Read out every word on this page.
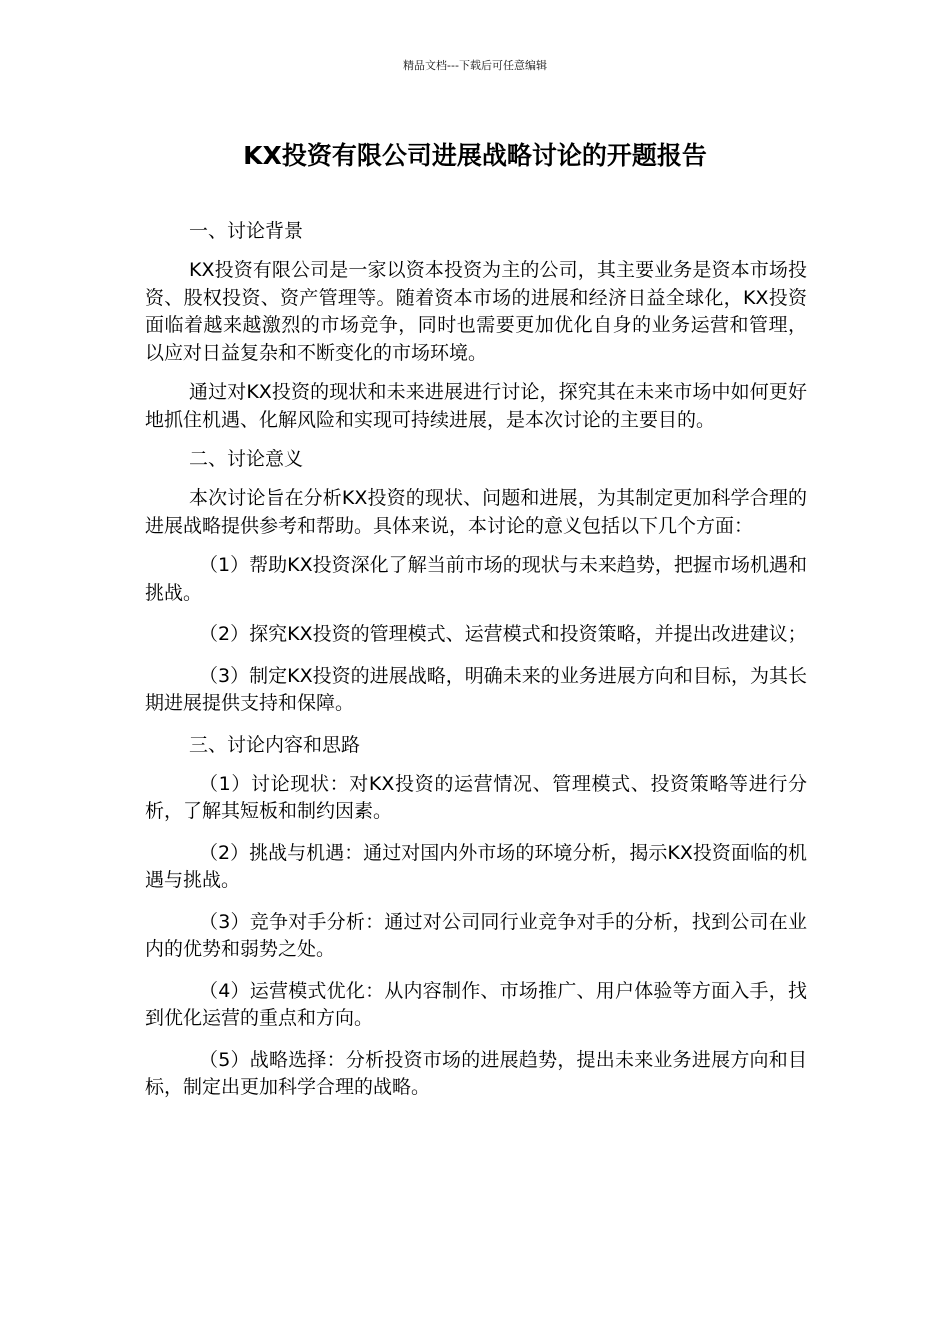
精品文档---下载后可任意编辑
KX投资有限公司进展战略讨论的开题报告

一、讨论背景

KX投资有限公司是一家以资本投资为主的公司，其主要业务是资本市场投资、股权投资、资产管理等。随着资本市场的进展和经济日益全球化，KX投资面临着越来越激烈的市场竞争，同时也需要更加优化自身的业务运营和管理，以应对日益复杂和不断变化的市场环境。

通过对KX投资的现状和未来进展进行讨论，探究其在未来市场中如何更好地抓住机遇、化解风险和实现可持续进展，是本次讨论的主要目的。

二、讨论意义

本次讨论旨在分析KX投资的现状、问题和进展，为其制定更加科学合理的进展战略提供参考和帮助。具体来说，本讨论的意义包括以下几个方面：

（1）帮助KX投资深化了解当前市场的现状与未来趋势，把握市场机遇和挑战。

（2）探究KX投资的管理模式、运营模式和投资策略，并提出改进建议；

（3）制定KX投资的进展战略，明确未来的业务进展方向和目标，为其长期进展提供支持和保障。

三、讨论内容和思路

（1）讨论现状：对KX投资的运营情况、管理模式、投资策略等进行分析，了解其短板和制约因素。

（2）挑战与机遇：通过对国内外市场的环境分析，揭示KX投资面临的机遇与挑战。

（3）竞争对手分析：通过对公司同行业竞争对手的分析，找到公司在业内的优势和弱势之处。

（4）运营模式优化：从内容制作、市场推广、用户体验等方面入手，找到优化运营的重点和方向。

（5）战略选择：分析投资市场的进展趋势，提出未来业务进展方向和目标，制定出更加科学合理的战略。
